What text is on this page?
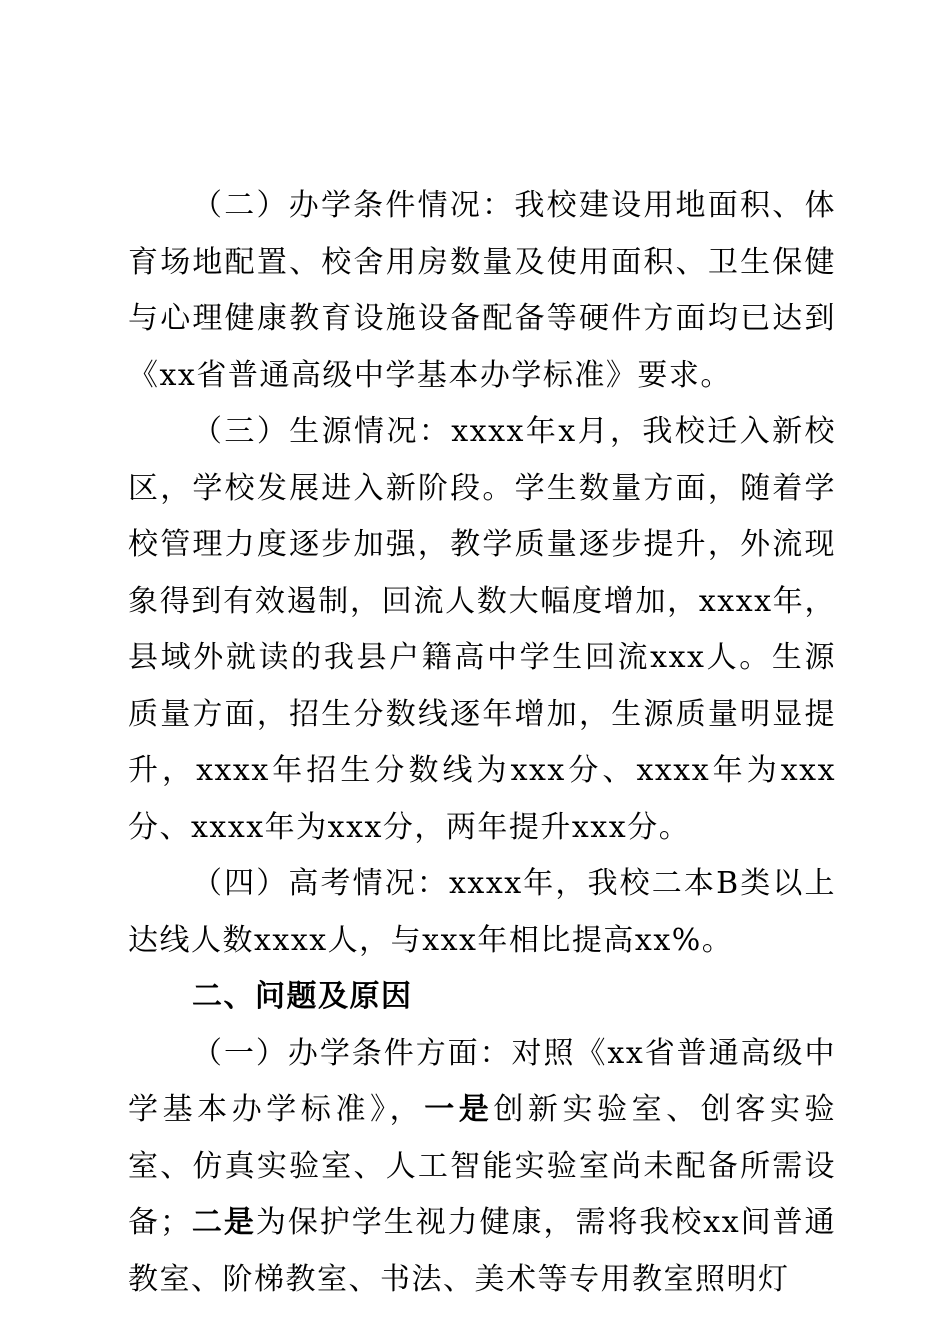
（二）办学条件情况：我校建设用地面积、体育场地配置、校舍用房数量及使用面积、卫生保健与心理健康教育设施设备配备等硬件方面均已达到《xx省普通高级中学基本办学标准》要求。

（三）生源情况：xxxx年x月，我校迁入新校区，学校发展进入新阶段。学生数量方面，随着学校管理力度逐步加强，教学质量逐步提升，外流现象得到有效遏制，回流人数大幅度增加，xxxx年，县域外就读的我县户籍高中学生回流xxx人。生源质量方面，招生分数线逐年增加，生源质量明显提升，xxxx年招生分数线为xxx分、xxxx年为xxx分、xxxx年为xxx分，两年提升xxx分。

（四）高考情况：xxxx年，我校二本B类以上达线人数xxxx人，与xxx年相比提高xx%。

二、问题及原因

（一）办学条件方面：对照《xx省普通高级中学基本办学标准》，一是创新实验室、创客实验室、仿真实验室、人工智能实验室尚未配备所需设备；二是为保护学生视力健康，需将我校xx间普通教室、阶梯教室、书法、美术等专用教室照明灯
